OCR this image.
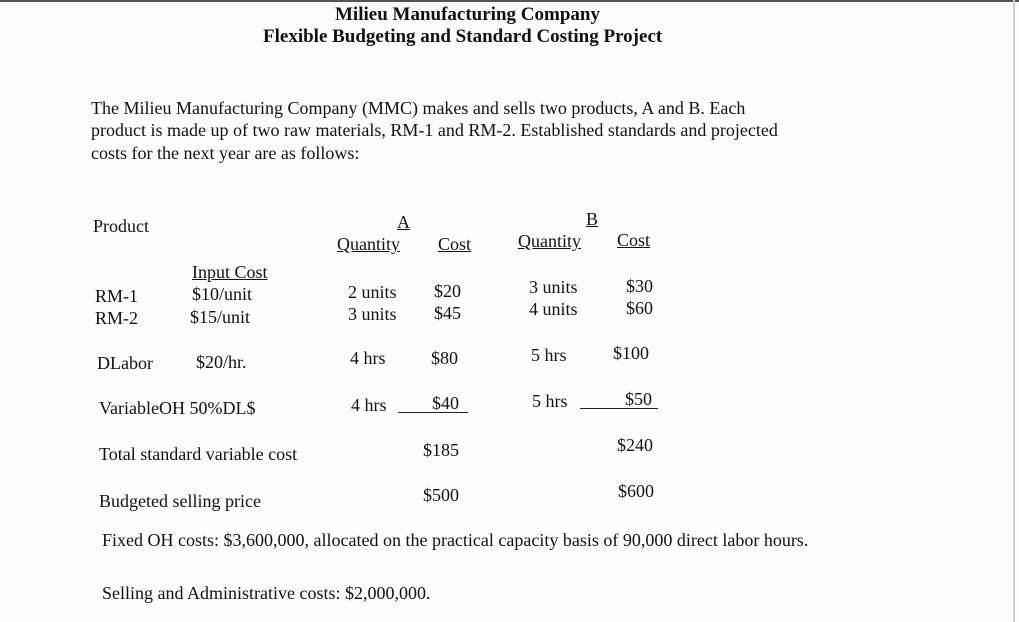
Milieu Manufacturing Company
Flexible Budgeting and Standard Costing Project
The Milieu Manufacturing Company (MMC) makes and sells two products, A and B. Each
product is made up of two raw materials, RM-1 and RM-2. Established standards and projected
costs for the next year are as follows:
Product	A	B
Quantity Cost	Quantity Cost
Input Cost
RM-1	$10/unit	2 units $20	3 units	$30
RM-2	$15/unit	3 units $45	4 units	$60
DLabor $20/hr.	4 hrs	$80	5 hrs	$100
VariableOH 50%DL$	4 hrs	$40	5 hrs	$50
Total standard variable cost	$185	$240
Budgeted selling price	$500	$600
Fixed OH costs: $3,600,000, allocated on the practical capacity basis of 90,000 direct labor hours.
Selling and Administrative costs: $2,000,000.
